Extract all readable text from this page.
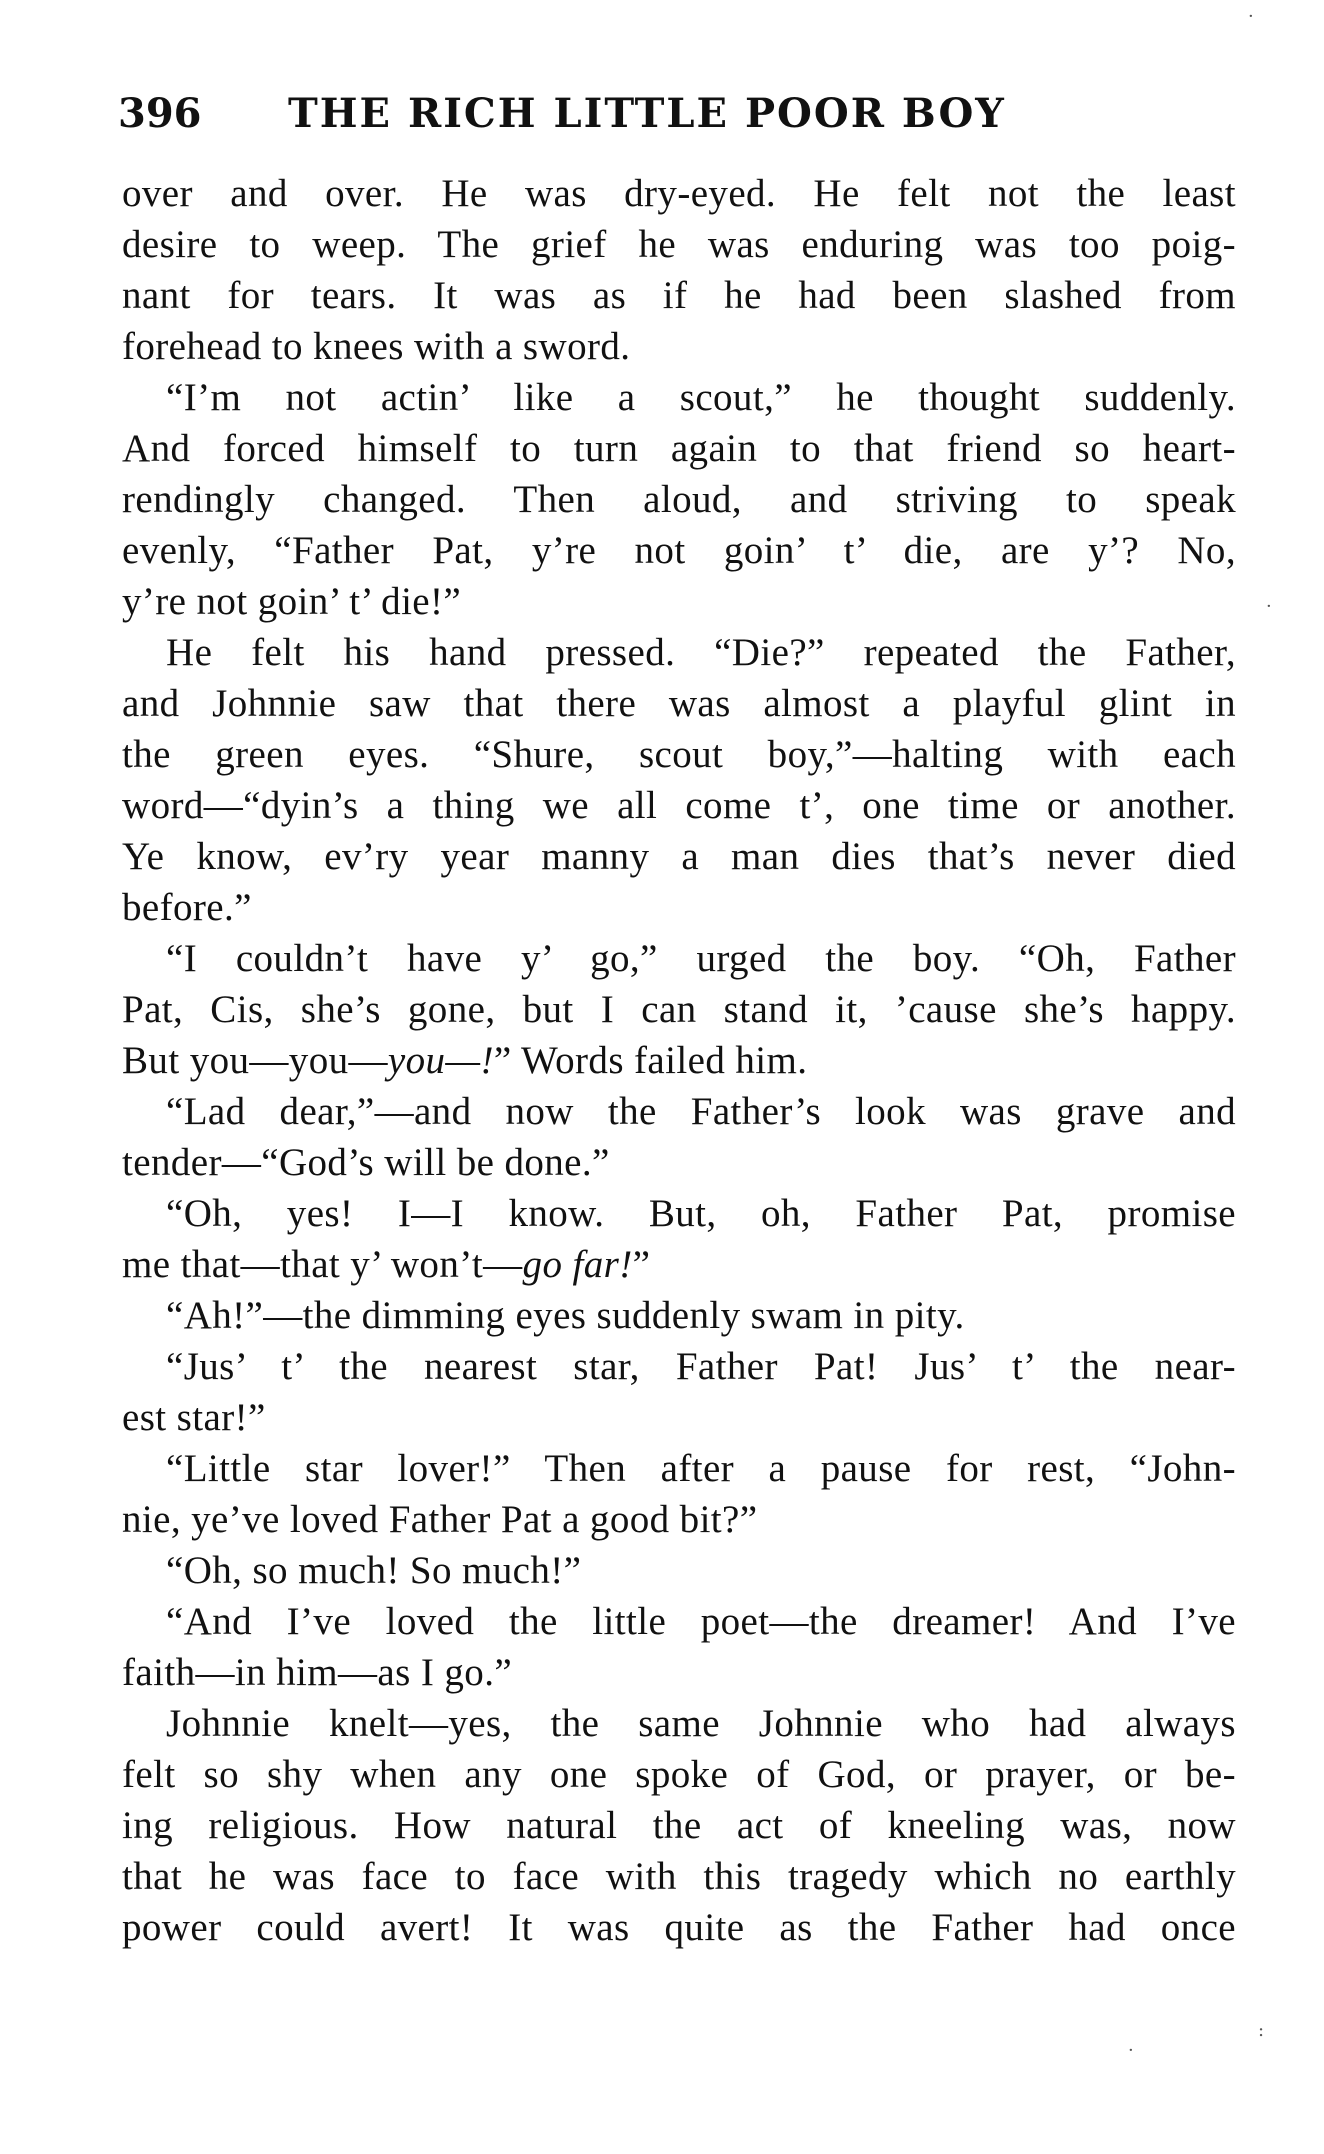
396 THE RICH LITTLE POOR BOY
over and over. He was dry-eyed. He felt not the least
desire to weep. The grief he was enduring was too poig-
nant for tears. It was as if he had been slashed from
forehead to knees with a sword.
“I’m not actin’ like a scout,” he thought suddenly.
And forced himself to turn again to that friend so heart-
rendingly changed. Then aloud, and striving to speak
evenly, “Father Pat, y’re not goin’ t’ die, are y’? No,
y’re not goin’ t’ die!”
He felt his hand pressed. “Die?” repeated the Father,
and Johnnie saw that there was almost a playful glint in
the green eyes. “Shure, scout boy,”—halting with each
word—“dyin’s a thing we all come t’, one time or another.
Ye know, ev’ry year manny a man dies that’s never died
before.”
“I couldn’t have y’ go,” urged the boy. “Oh, Father
Pat, Cis, she’s gone, but I can stand it, ’cause she’s happy.
But you—you—you—!” Words failed him.
“Lad dear,”—and now the Father’s look was grave and
tender—“God’s will be done.”
“Oh, yes! I—I know. But, oh, Father Pat, promise
me that—that y’ won’t—go far!”
“Ah!”—the dimming eyes suddenly swam in pity.
“Jus’ t’ the nearest star, Father Pat! Jus’ t’ the near-
est star!”
“Little star lover!” Then after a pause for rest, “John-
nie, ye’ve loved Father Pat a good bit?”
“Oh, so much! So much!”
“And I’ve loved the little poet—the dreamer! And I’ve
faith—in him—as I go.”
Johnnie knelt—yes, the same Johnnie who had always
felt so shy when any one spoke of God, or prayer, or be-
ing religious. How natural the act of kneeling was, now
that he was face to face with this tragedy which no earthly
power could avert! It was quite as the Father had once
·
·
:
·
